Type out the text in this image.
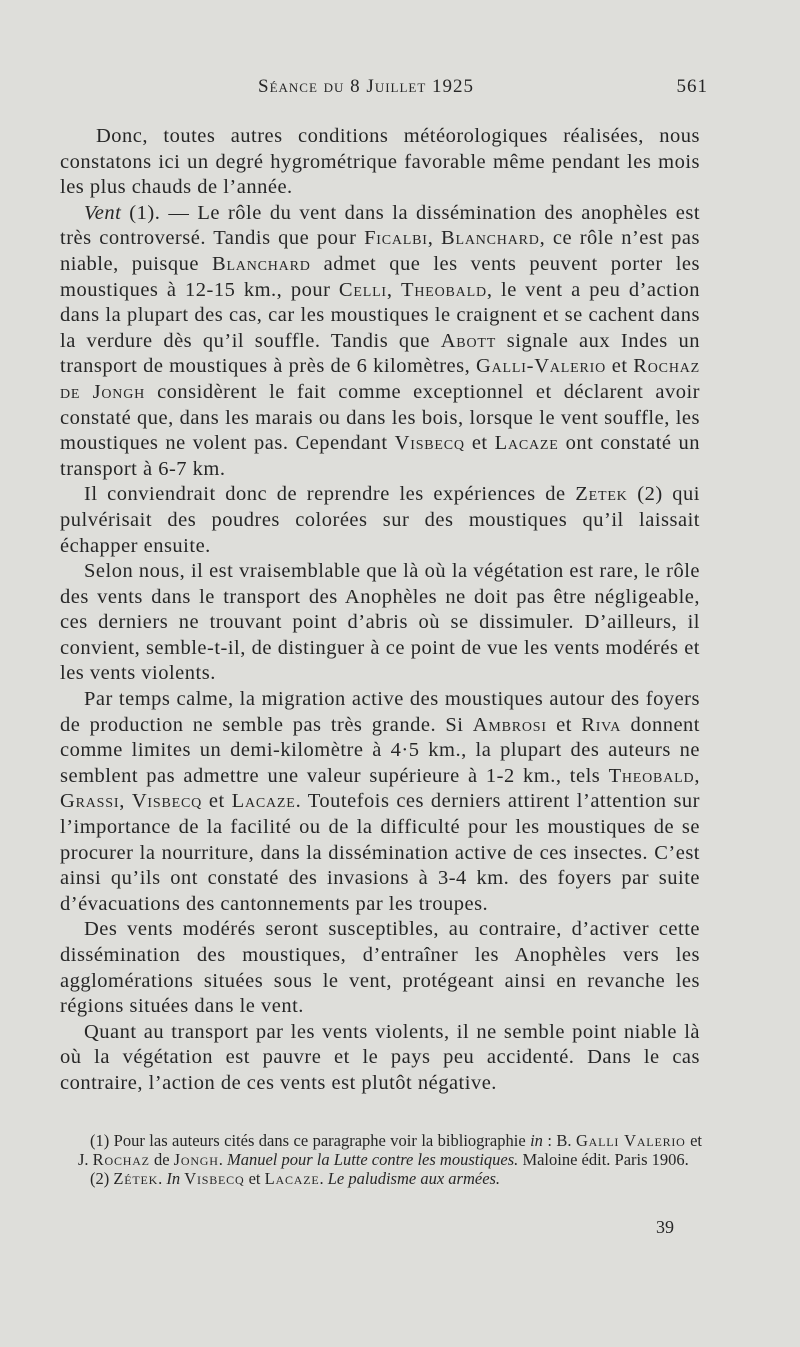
Séance du 8 Juillet 1925	561

Donc, toutes autres conditions météorologiques réalisées, nous constatons ici un degré hygrométrique favorable même pendant les mois les plus chauds de l’année.

Vent (1). — Le rôle du vent dans la dissémination des anophèles est très controversé. Tandis que pour Ficalbi, Blanchard, ce rôle n’est pas niable, puisque Blanchard admet que les vents peuvent porter les moustiques à 12-15 km., pour Celli, Theobald, le vent a peu d’action dans la plupart des cas, car les moustiques le craignent et se cachent dans la verdure dès qu’il souffle. Tandis que Abott signale aux Indes un transport de moustiques à près de 6 kilomètres, Galli-Valerio et Rochaz de Jongh considèrent le fait comme exceptionnel et déclarent avoir constaté que, dans les marais ou dans les bois, lorsque le vent souffle, les moustiques ne volent pas. Cependant Visbecq et Lacaze ont constaté un transport à 6-7 km.

Il conviendrait donc de reprendre les expériences de Zetek (2) qui pulvérisait des poudres colorées sur des moustiques qu’il laissait échapper ensuite.

Selon nous, il est vraisemblable que là où la végétation est rare, le rôle des vents dans le transport des Anophèles ne doit pas être négligeable, ces derniers ne trouvant point d’abris où se dissimuler. D’ailleurs, il convient, semble-t-il, de distinguer à ce point de vue les vents modérés et les vents violents.

Par temps calme, la migration active des moustiques autour des foyers de production ne semble pas très grande. Si Ambrosi et Riva donnent comme limites un demi-kilomètre à 4·5 km., la plupart des auteurs ne semblent pas admettre une valeur supérieure à 1-2 km., tels Theobald, Grassi, Visbecq et Lacaze. Toutefois ces derniers attirent l’attention sur l’importance de la facilité ou de la difficulté pour les moustiques de se procurer la nourriture, dans la dissémination active de ces insectes. C’est ainsi qu’ils ont constaté des invasions à 3-4 km. des foyers par suite d’évacuations des cantonnements par les troupes.

Des vents modérés seront susceptibles, au contraire, d’activer cette dissémination des moustiques, d’entraîner les Anophèles vers les agglomérations situées sous le vent, protégeant ainsi en revanche les régions situées dans le vent.

Quant au transport par les vents violents, il ne semble point niable là où la végétation est pauvre et le pays peu accidenté. Dans le cas contraire, l’action de ces vents est plutôt négative.

(1) Pour las auteurs cités dans ce paragraphe voir la bibliographie in : B. Galli Valerio et J. Rochaz de Jongh. Manuel pour la Lutte contre les moustiques. Maloine édit. Paris 1906.

(2) Zétek. In Visbecq et Lacaze. Le paludisme aux armées.

39
